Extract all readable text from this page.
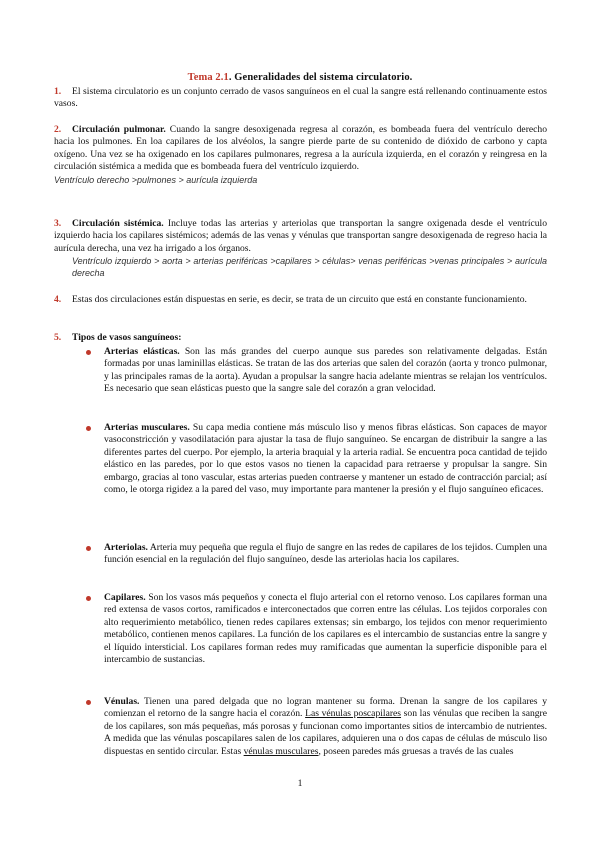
Tema 2.1. Generalidades del sistema circulatorio.
1. El sistema circulatorio es un conjunto cerrado de vasos sanguíneos en el cual la sangre está rellenando continuamente estos vasos.
2. Circulación pulmonar. Cuando la sangre desoxigenada regresa al corazón, es bombeada fuera del ventrículo derecho hacia los pulmones. En loa capilares de los alvéolos, la sangre pierde parte de su contenido de dióxido de carbono y capta oxígeno. Una vez se ha oxigenado en los capilares pulmonares, regresa a la aurícula izquierda, en el corazón y reingresa en la circulación sistémica a medida que es bombeada fuera del ventrículo izquierdo.
Ventrículo derecho >pulmones > aurícula izquierda
3. Circulación sistémica. Incluye todas las arterias y arteriolas que transportan la sangre oxigenada desde el ventrículo izquierdo hacia los capilares sistémicos; además de las venas y vénulas que transportan sangre desoxigenada de regreso hacia la aurícula derecha, una vez ha irrigado a los órganos.
Ventrículo izquierdo > aorta > arterias periféricas >capilares > células> venas periféricas >venas principales > aurícula derecha
4. Estas dos circulaciones están dispuestas en serie, es decir, se trata de un circuito que está en constante funcionamiento.
5. Tipos de vasos sanguíneos:
Arterias elásticas. Son las más grandes del cuerpo aunque sus paredes son relativamente delgadas. Están formadas por unas laminillas elásticas. Se tratan de las dos arterias que salen del corazón (aorta y tronco pulmonar, y las principales ramas de la aorta). Ayudan a propulsar la sangre hacia adelante mientras se relajan los ventrículos. Es necesario que sean elásticas puesto que la sangre sale del corazón a gran velocidad.
Arterias musculares. Su capa media contiene más músculo liso y menos fibras elásticas. Son capaces de mayor vasoconstricción y vasodilatación para ajustar la tasa de flujo sanguíneo. Se encargan de distribuir la sangre a las diferentes partes del cuerpo. Por ejemplo, la arteria braquial y la arteria radial. Se encuentra poca cantidad de tejido elástico en las paredes, por lo que estos vasos no tienen la capacidad para retraerse y propulsar la sangre. Sin embargo, gracias al tono vascular, estas arterias pueden contraerse y mantener un estado de contracción parcial; así como, le otorga rigidez a la pared del vaso, muy importante para mantener la presión y el flujo sanguíneo eficaces.
Arteriolas. Arteria muy pequeña que regula el flujo de sangre en las redes de capilares de los tejidos. Cumplen una función esencial en la regulación del flujo sanguíneo, desde las arteriolas hacia los capilares.
Capilares. Son los vasos más pequeños y conecta el flujo arterial con el retorno venoso. Los capilares forman una red extensa de vasos cortos, ramificados e interconectados que corren entre las células. Los tejidos corporales con alto requerimiento metabólico, tienen redes capilares extensas; sin embargo, los tejidos con menor requerimiento metabólico, contienen menos capilares. La función de los capilares es el intercambio de sustancias entre la sangre y el líquido intersticial. Los capilares forman redes muy ramificadas que aumentan la superficie disponible para el intercambio de sustancias.
Vénulas. Tienen una pared delgada que no logran mantener su forma. Drenan la sangre de los capilares y comienzan el retorno de la sangre hacia el corazón. Las vénulas poscapilares son las vénulas que reciben la sangre de los capilares, son más pequeñas, más porosas y funcionan como importantes sitios de intercambio de nutrientes. A medida que las vénulas poscapilares salen de los capilares, adquieren una o dos capas de células de músculo liso dispuestas en sentido circular. Estas vénulas musculares, poseen paredes más gruesas a través de las cuales
1
